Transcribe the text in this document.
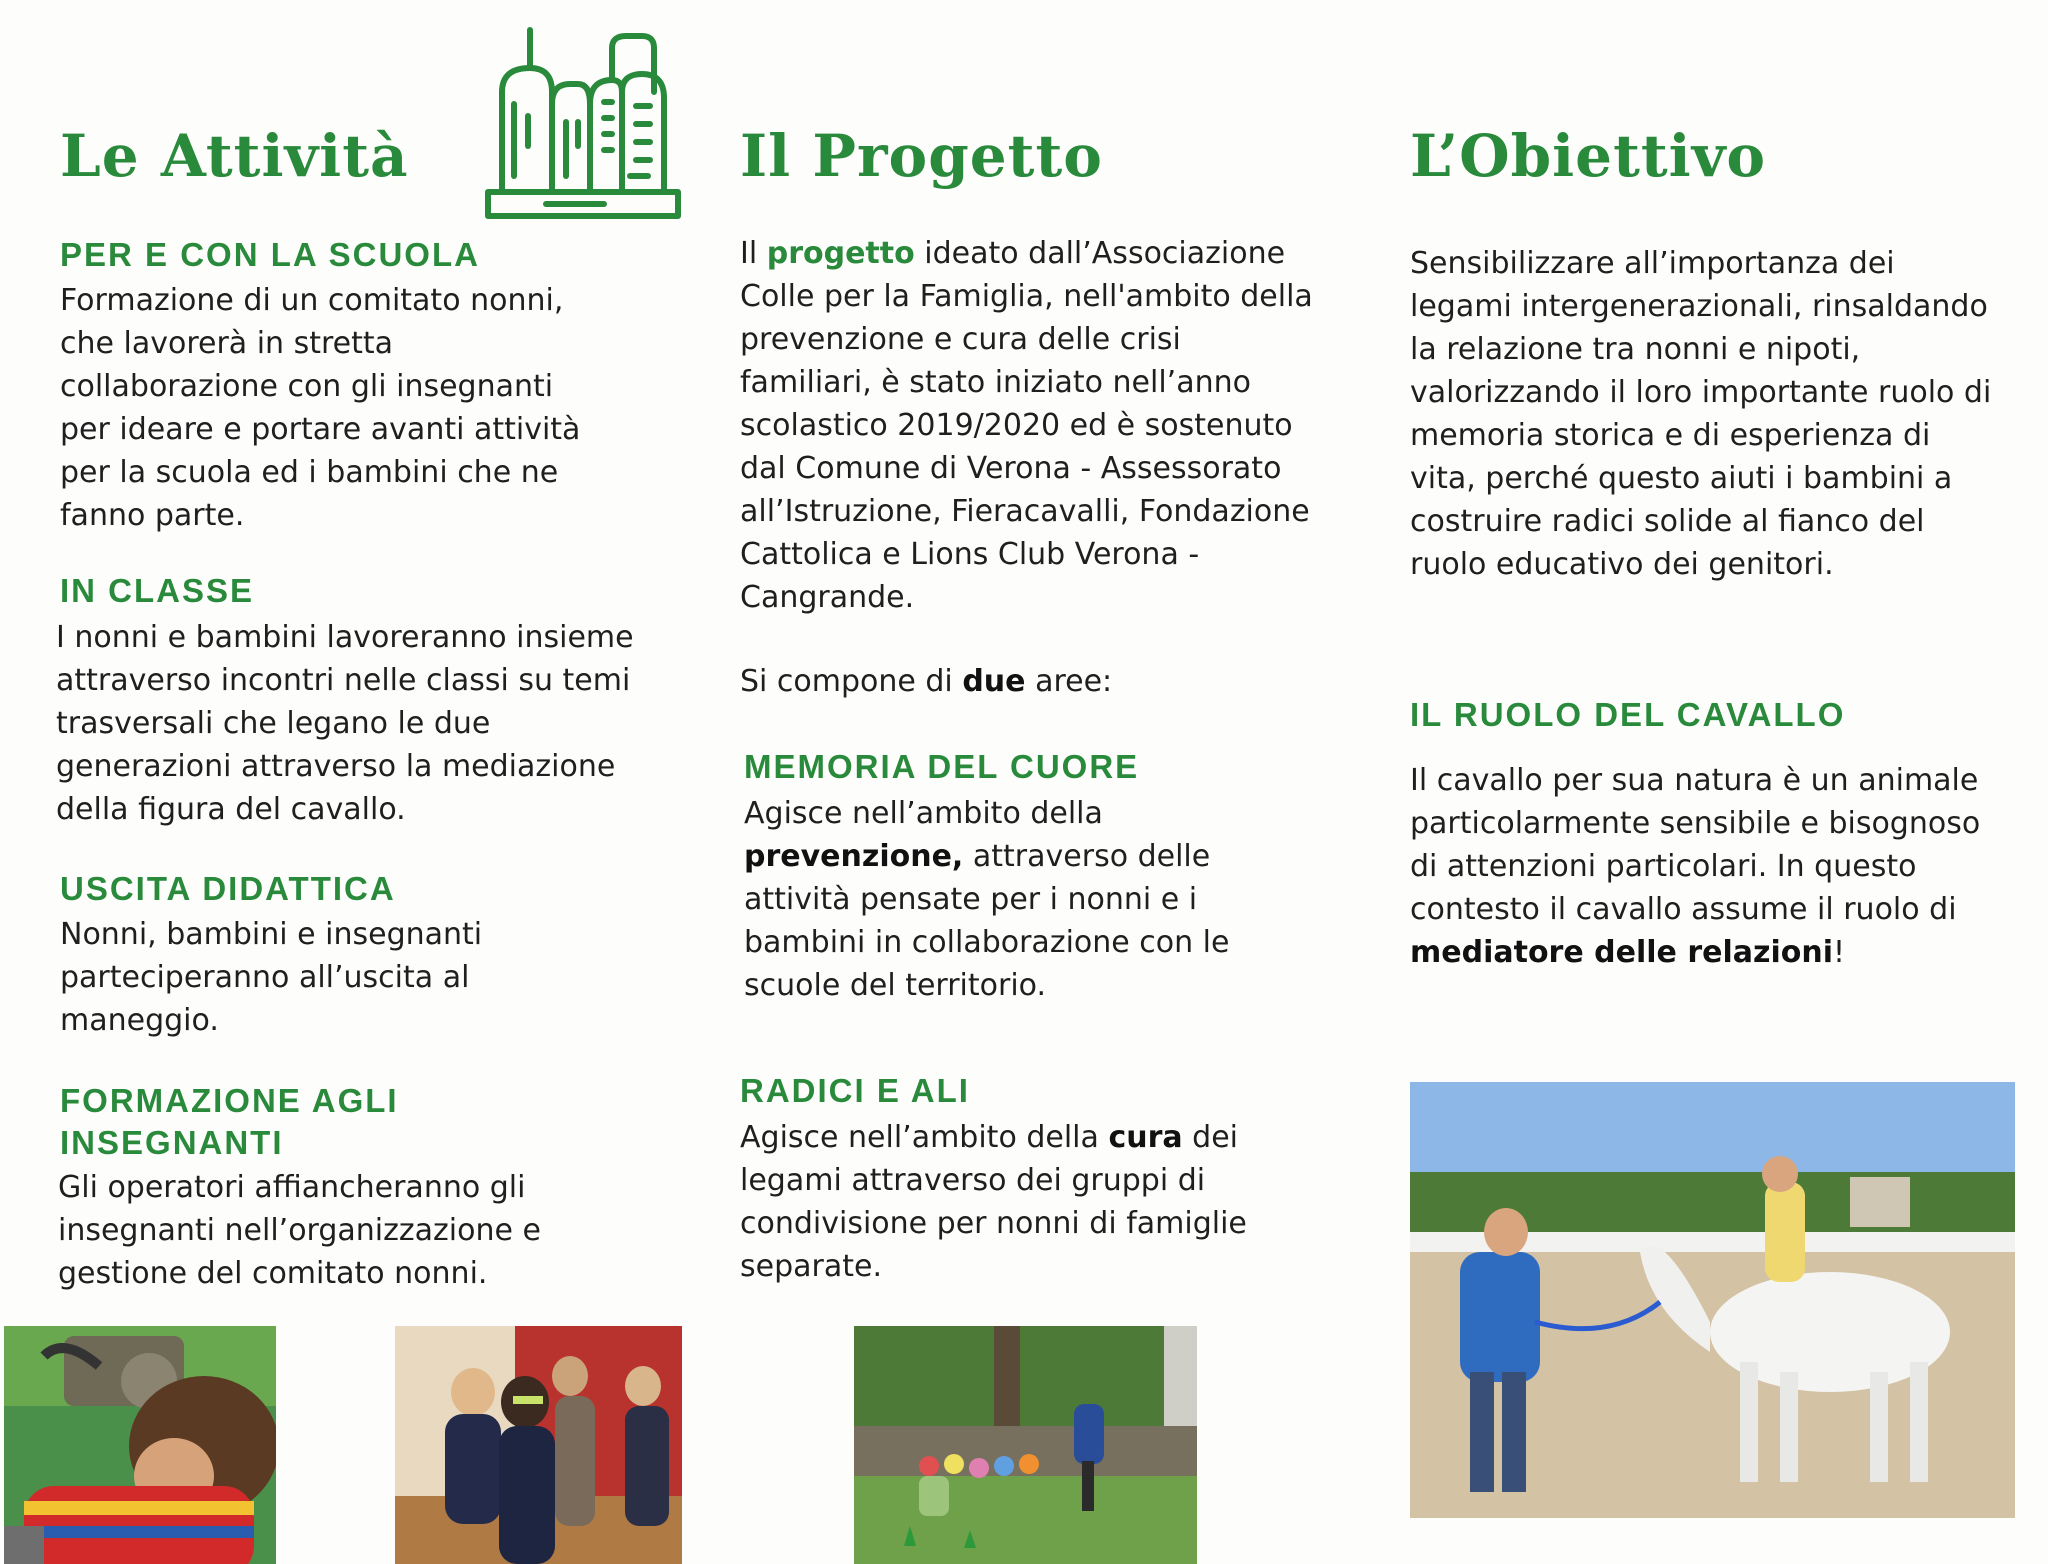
Le Attività
PER E CON LA SCUOLA
Formazione di un comitato nonni, che lavorerà in stretta collaborazione con gli insegnanti per ideare e portare avanti attività per la scuola ed i bambini che ne fanno parte.
IN CLASSE
I nonni e bambini lavoreranno insieme attraverso incontri nelle classi su temi trasversali che legano le due generazioni attraverso la mediazione della figura del cavallo.
USCITA DIDATTICA
Nonni, bambini e insegnanti parteciperanno all’uscita al maneggio.
FORMAZIONE AGLI INSEGNANTI
Gli operatori affiancheranno gli insegnanti nell’organizzazione e gestione del comitato nonni.
Il Progetto
Il progetto ideato dall’Associazione Colle per la Famiglia, nell'ambito della prevenzione e cura delle crisi familiari, è stato iniziato nell’anno scolastico 2019/2020 ed è sostenuto dal Comune di Verona - Assessorato all’Istruzione, Fieracavalli, Fondazione Cattolica e Lions Club Verona - Cangrande.
Si compone di due aree:
MEMORIA DEL CUORE
Agisce nell’ambito della prevenzione, attraverso delle attività pensate per i nonni e i bambini in collaborazione con le scuole del territorio.
RADICI E ALI
Agisce nell’ambito della cura dei legami attraverso dei gruppi di condivisione per nonni di famiglie separate.
L’Obiettivo
Sensibilizzare all’importanza dei legami intergenerazionali, rinsaldando la relazione tra nonni e nipoti, valorizzando il loro importante ruolo di memoria storica e di esperienza di vita, perché questo aiuti i bambini a costruire radici solide al fianco del ruolo educativo dei genitori.
IL RUOLO DEL CAVALLO
Il cavallo per sua natura è un animale particolarmente sensibile e bisognoso di attenzioni particolari. In questo contesto il cavallo assume il ruolo di mediatore delle relazioni!
